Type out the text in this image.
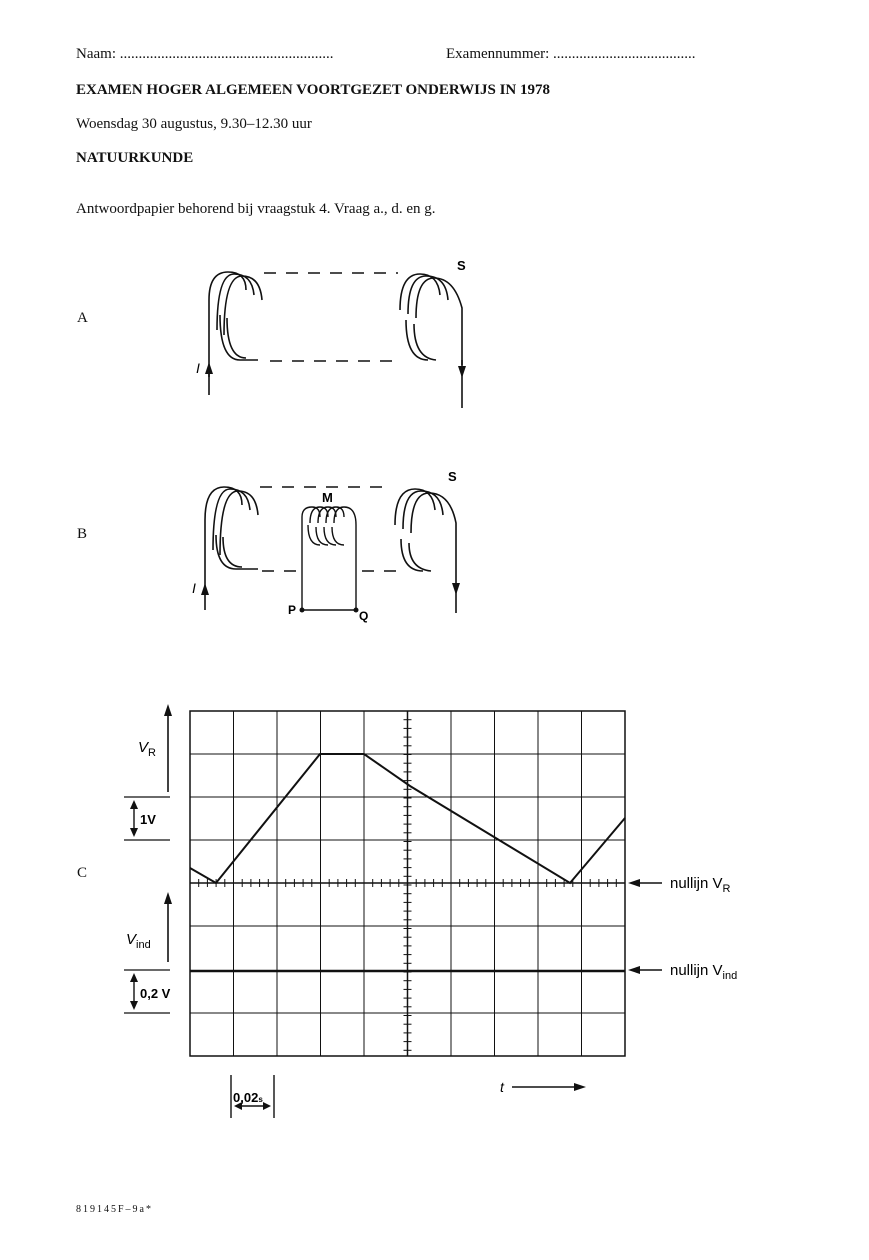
Naam: .........................................................	Examennummer: ......................................
EXAMEN HOGER ALGEMEEN VOORTGEZET ONDERWIJS IN 1978
Woensdag 30 augustus, 9.30–12.30 uur
NATUURKUNDE
Antwoordpapier behorend bij vraagstuk 4. Vraag a., d. en g.
A
B
C
I
S
I
S
M
P	Q
$V_R$
1V
$V_{ind}$
0,2 V
nullijn $V_R$
nullijn $V_{ind}$
0,02s
t
819145F–9a*
